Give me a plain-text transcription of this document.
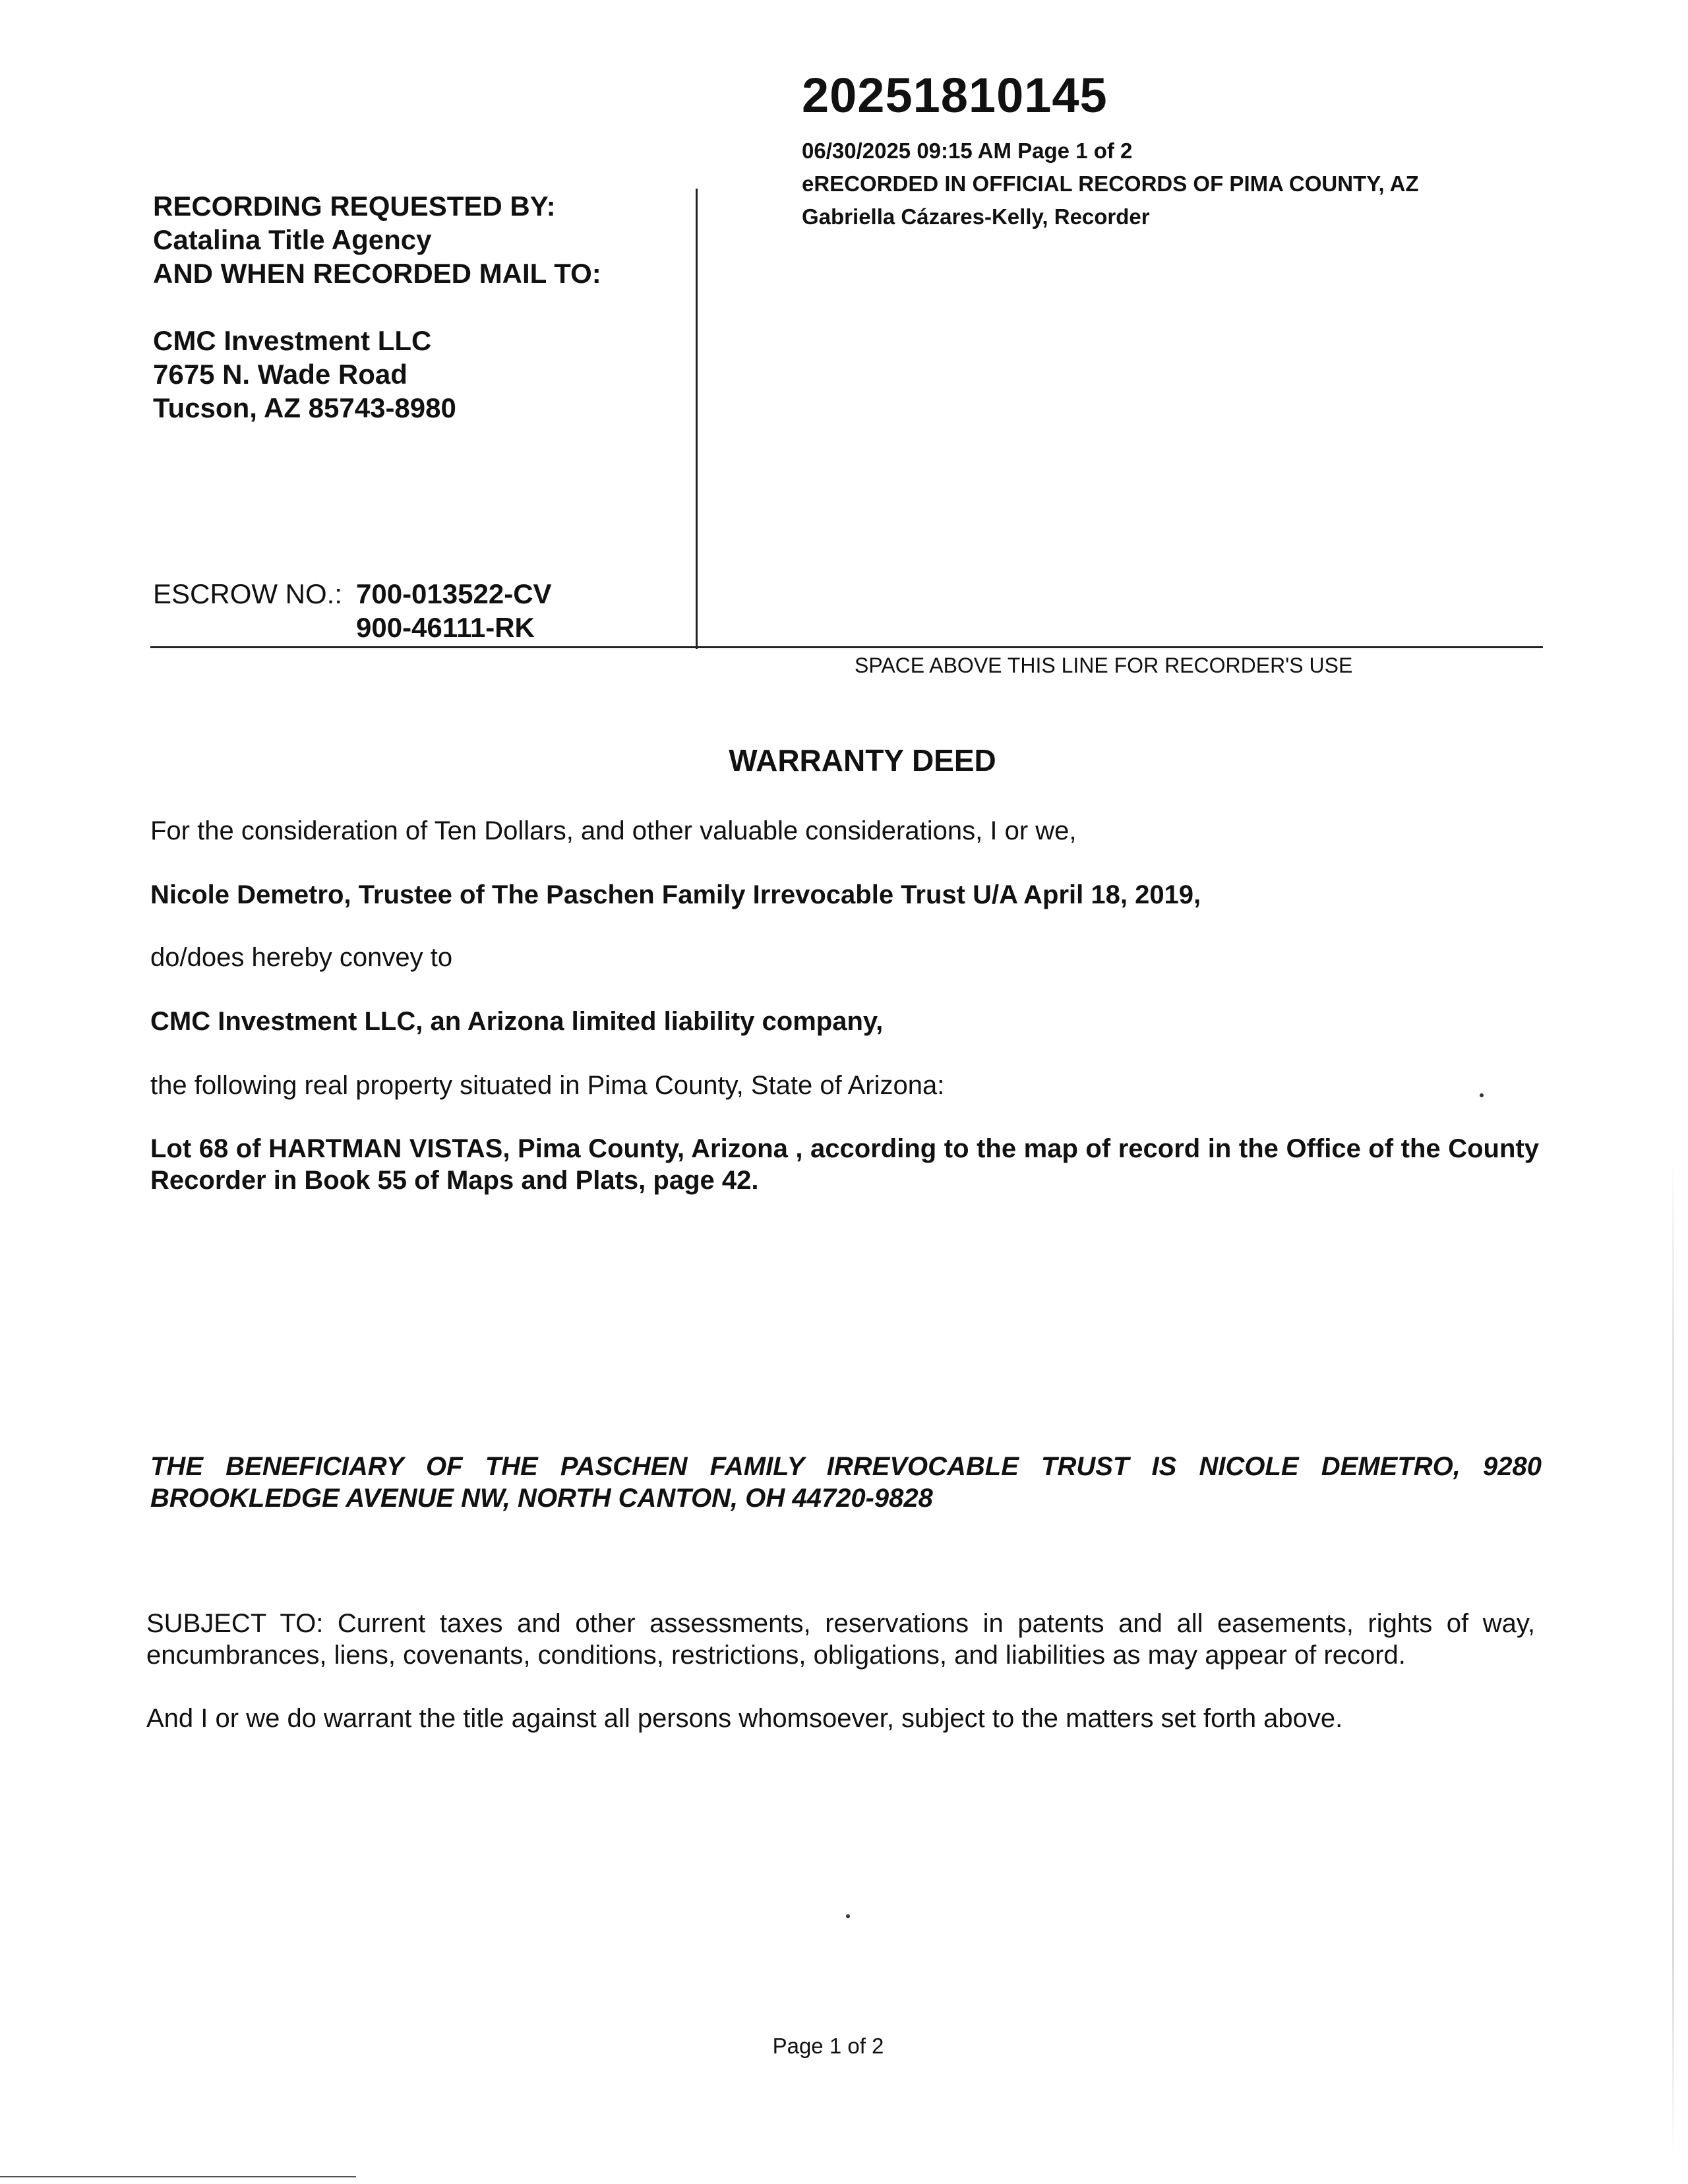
20251810145
06/30/2025 09:15 AM Page 1 of 2
eRECORDED IN OFFICIAL RECORDS OF PIMA COUNTY, AZ
Gabriella Cázares-Kelly, Recorder
RECORDING REQUESTED BY:
Catalina Title Agency
AND WHEN RECORDED MAIL TO:
CMC Investment LLC
7675 N. Wade Road
Tucson, AZ 85743-8980
ESCROW NO.: 700-013522-CV
900-46111-RK
SPACE ABOVE THIS LINE FOR RECORDER'S USE
WARRANTY DEED
For the consideration of Ten Dollars, and other valuable considerations, I or we,
Nicole Demetro, Trustee of The Paschen Family Irrevocable Trust U/A April 18, 2019,
do/does hereby convey to
CMC Investment LLC, an Arizona limited liability company,
the following real property situated in Pima County, State of Arizona:
Lot 68 of HARTMAN VISTAS, Pima County, Arizona , according to the map of record in the Office of the County Recorder in Book 55 of Maps and Plats, page 42.
THE BENEFICIARY OF THE PASCHEN FAMILY IRREVOCABLE TRUST IS NICOLE DEMETRO, 9280 BROOKLEDGE AVENUE NW, NORTH CANTON, OH 44720-9828
SUBJECT TO: Current taxes and other assessments, reservations in patents and all easements, rights of way, encumbrances, liens, covenants, conditions, restrictions, obligations, and liabilities as may appear of record.
And I or we do warrant the title against all persons whomsoever, subject to the matters set forth above.
Page 1 of 2
